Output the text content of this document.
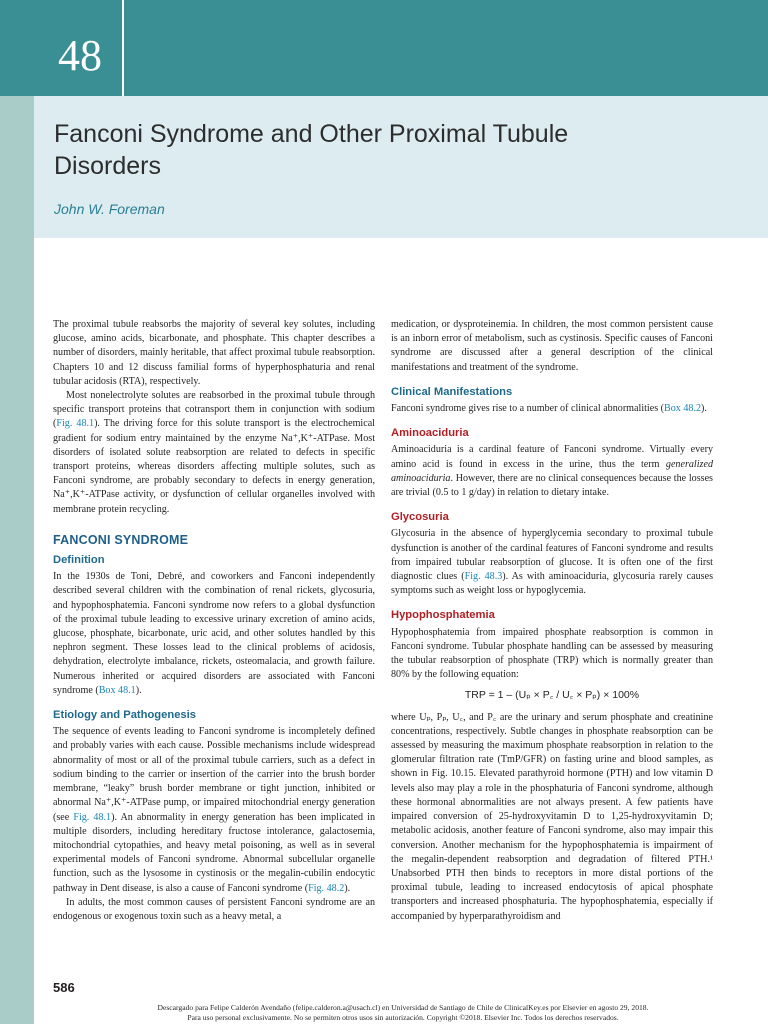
48
Fanconi Syndrome and Other Proximal Tubule Disorders
John W. Foreman

The proximal tubule reabsorbs the majority of several key solutes, including glucose, amino acids, bicarbonate, and phosphate. This chapter describes a number of disorders, mainly heritable, that affect proximal tubule reabsorption. Chapters 10 and 12 discuss familial forms of hyperphosphaturia and renal tubular acidosis (RTA), respectively.

Most nonelectrolyte solutes are reabsorbed in the proximal tubule through specific transport proteins that cotransport them in conjunction with sodium (Fig. 48.1). The driving force for this solute transport is the electrochemical gradient for sodium entry maintained by the enzyme Na⁺,K⁺-ATPase. Most disorders of isolated solute reabsorption are related to defects in specific transport proteins, whereas disorders affecting multiple solutes, such as Fanconi syndrome, are probably secondary to defects in energy generation, Na⁺,K⁺-ATPase activity, or dysfunction of cellular organelles involved with membrane protein recycling.

FANCONI SYNDROME
Definition

In the 1930s de Toni, Debré, and coworkers and Fanconi independently described several children with the combination of renal rickets, glycosuria, and hypophosphatemia. Fanconi syndrome now refers to a global dysfunction of the proximal tubule leading to excessive urinary excretion of amino acids, glucose, phosphate, bicarbonate, uric acid, and other solutes handled by this nephron segment. These losses lead to the clinical problems of acidosis, dehydration, electrolyte imbalance, rickets, osteomalacia, and growth failure. Numerous inherited or acquired disorders are associated with Fanconi syndrome (Box 48.1).

Etiology and Pathogenesis

The sequence of events leading to Fanconi syndrome is incompletely defined and probably varies with each cause. Possible mechanisms include widespread abnormality of most or all of the proximal tubule carriers, such as a defect in sodium binding to the carrier or insertion of the carrier into the brush border membrane, “leaky” brush border membrane or tight junction, inhibited or abnormal Na⁺,K⁺-ATPase pump, or impaired mitochondrial energy generation (see Fig. 48.1). An abnormality in energy generation has been implicated in multiple disorders, including hereditary fructose intolerance, galactosemia, mitochondrial cytopathies, and heavy metal poisoning, as well as in several experimental models of Fanconi syndrome. Abnormal subcellular organelle function, such as the lysosome in cystinosis or the megalin-cubilin endocytic pathway in Dent disease, is also a cause of Fanconi syndrome (Fig. 48.2).

In adults, the most common causes of persistent Fanconi syndrome are an endogenous or exogenous toxin such as a heavy metal, a

medication, or dysproteinemia. In children, the most common persistent cause is an inborn error of metabolism, such as cystinosis. Specific causes of Fanconi syndrome are discussed after a general description of the clinical manifestations and treatment of the syndrome.

Clinical Manifestations

Fanconi syndrome gives rise to a number of clinical abnormalities (Box 48.2).

Aminoaciduria

Aminoaciduria is a cardinal feature of Fanconi syndrome. Virtually every amino acid is found in excess in the urine, thus the term generalized aminoaciduria. However, there are no clinical consequences because the losses are trivial (0.5 to 1 g/day) in relation to dietary intake.

Glycosuria

Glycosuria in the absence of hyperglycemia secondary to proximal tubule dysfunction is another of the cardinal features of Fanconi syndrome and results from impaired tubular reabsorption of glucose. It is often one of the first diagnostic clues (Fig. 48.3). As with aminoaciduria, glycosuria rarely causes symptoms such as weight loss or hypoglycemia.

Hypophosphatemia

Hypophosphatemia from impaired phosphate reabsorption is common in Fanconi syndrome. Tubular phosphate handling can be assessed by measuring the tubular reabsorption of phosphate (TRP) which is normally greater than 80% by the following equation:

TRP = 1 – (Uₚ × P꜀ / U꜀ × Pₚ) × 100%

where Uₚ, Pₚ, U꜀, and P꜀ are the urinary and serum phosphate and creatinine concentrations, respectively. Subtle changes in phosphate reabsorption can be assessed by measuring the maximum phosphate reabsorption in relation to the glomerular filtration rate (TmP/GFR) on fasting urine and blood samples, as shown in Fig. 10.15. Elevated parathyroid hormone (PTH) and low vitamin D levels also may play a role in the phosphaturia of Fanconi syndrome, although these hormonal abnormalities are not always present. A few patients have impaired conversion of 25-hydroxyvitamin D to 1,25-hydroxyvitamin D; metabolic acidosis, another feature of Fanconi syndrome, also may impair this conversion. Another mechanism for the hypophosphatemia is impairment of the megalin-dependent reabsorption and degradation of filtered PTH.¹ Unabsorbed PTH then binds to receptors in more distal portions of the proximal tubule, leading to increased endocytosis of apical phosphate transporters and increased phosphaturia. The hypophosphatemia, especially if accompanied by hyperparathyroidism and

586
Descargado para Felipe Calderón Avendaño (felipe.calderon.a@usach.cl) en Universidad de Santiago de Chile de ClinicalKey.es por Elsevier en agosto 29, 2018.
Para uso personal exclusivamente. No se permiten otros usos sin autorización. Copyright ©2018. Elsevier Inc. Todos los derechos reservados.
